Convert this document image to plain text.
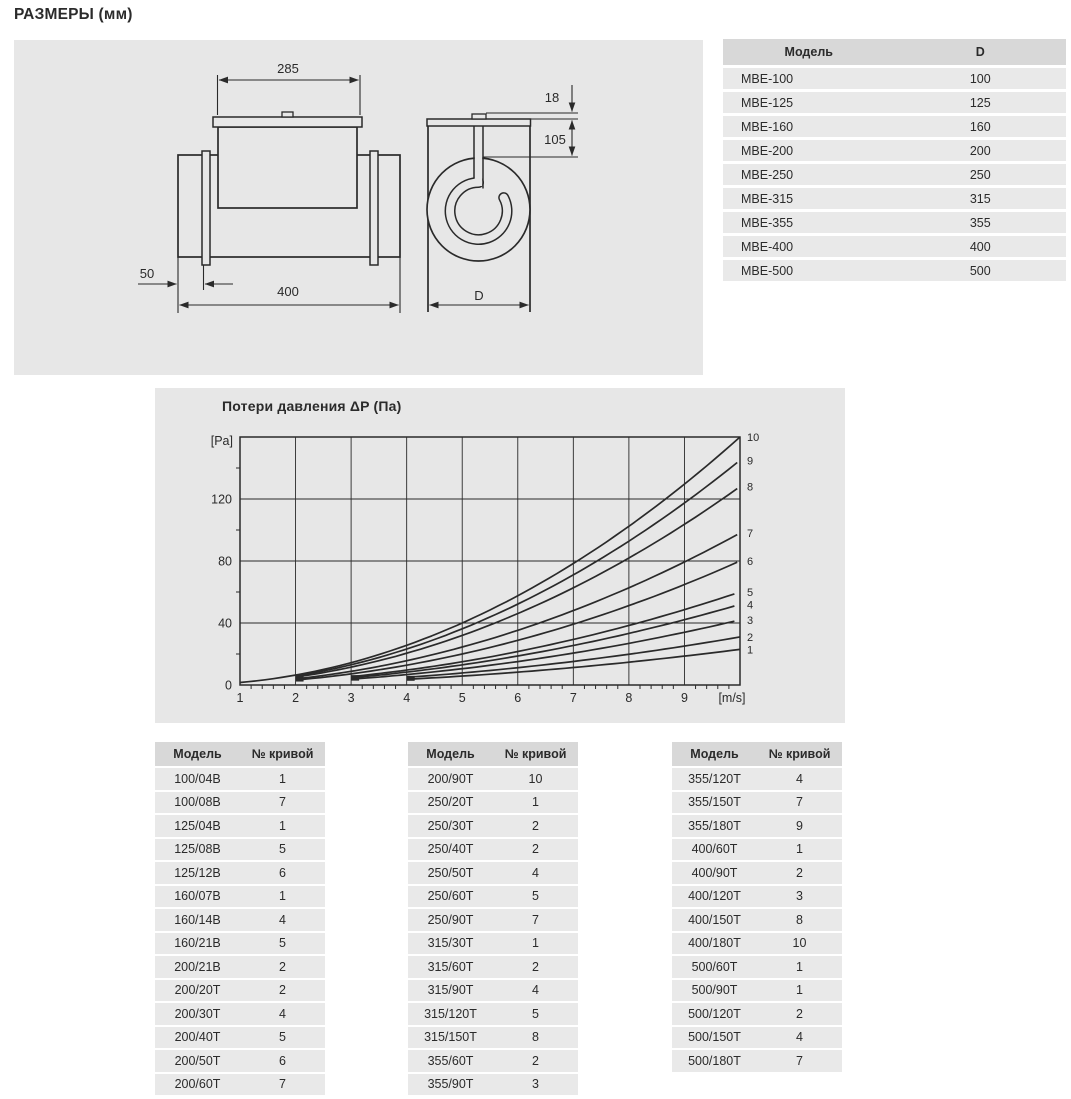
РАЗМЕРЫ (мм)
285
50
400
18
105
D
Модель	D
MBE-100	100
MBE-125	125
MBE-160	160
MBE-200	200
MBE-250	250
MBE-315	315
MBE-355	355
MBE-400	400
MBE-500	500
Потери давления ΔP (Па)
1	2	3	4	5	6	7	8	9
0
40
80
120
[m/s]
[Pa]
1
2
3
4
5
6
7
8
9
10
Модель	№ кривой
100/04B	1
100/08B	7
125/04B	1
125/08B	5
125/12B	6
160/07B	1
160/14B	4
160/21B	5
200/21B	2
200/20T	2
200/30T	4
200/40T	5
200/50T	6
200/60T	7
Модель	№ кривой
200/90T	10
250/20T	1
250/30T	2
250/40T	2
250/50T	4
250/60T	5
250/90T	7
315/30T	1
315/60T	2
315/90T	4
315/120T	5
315/150T	8
355/60T	2
355/90T	3
Модель	№ кривой
355/120T	4
355/150T	7
355/180T	9
400/60T	1
400/90T	2
400/120T	3
400/150T	8
400/180T	10
500/60T	1
500/90T	1
500/120T	2
500/150T	4
500/180T	7
